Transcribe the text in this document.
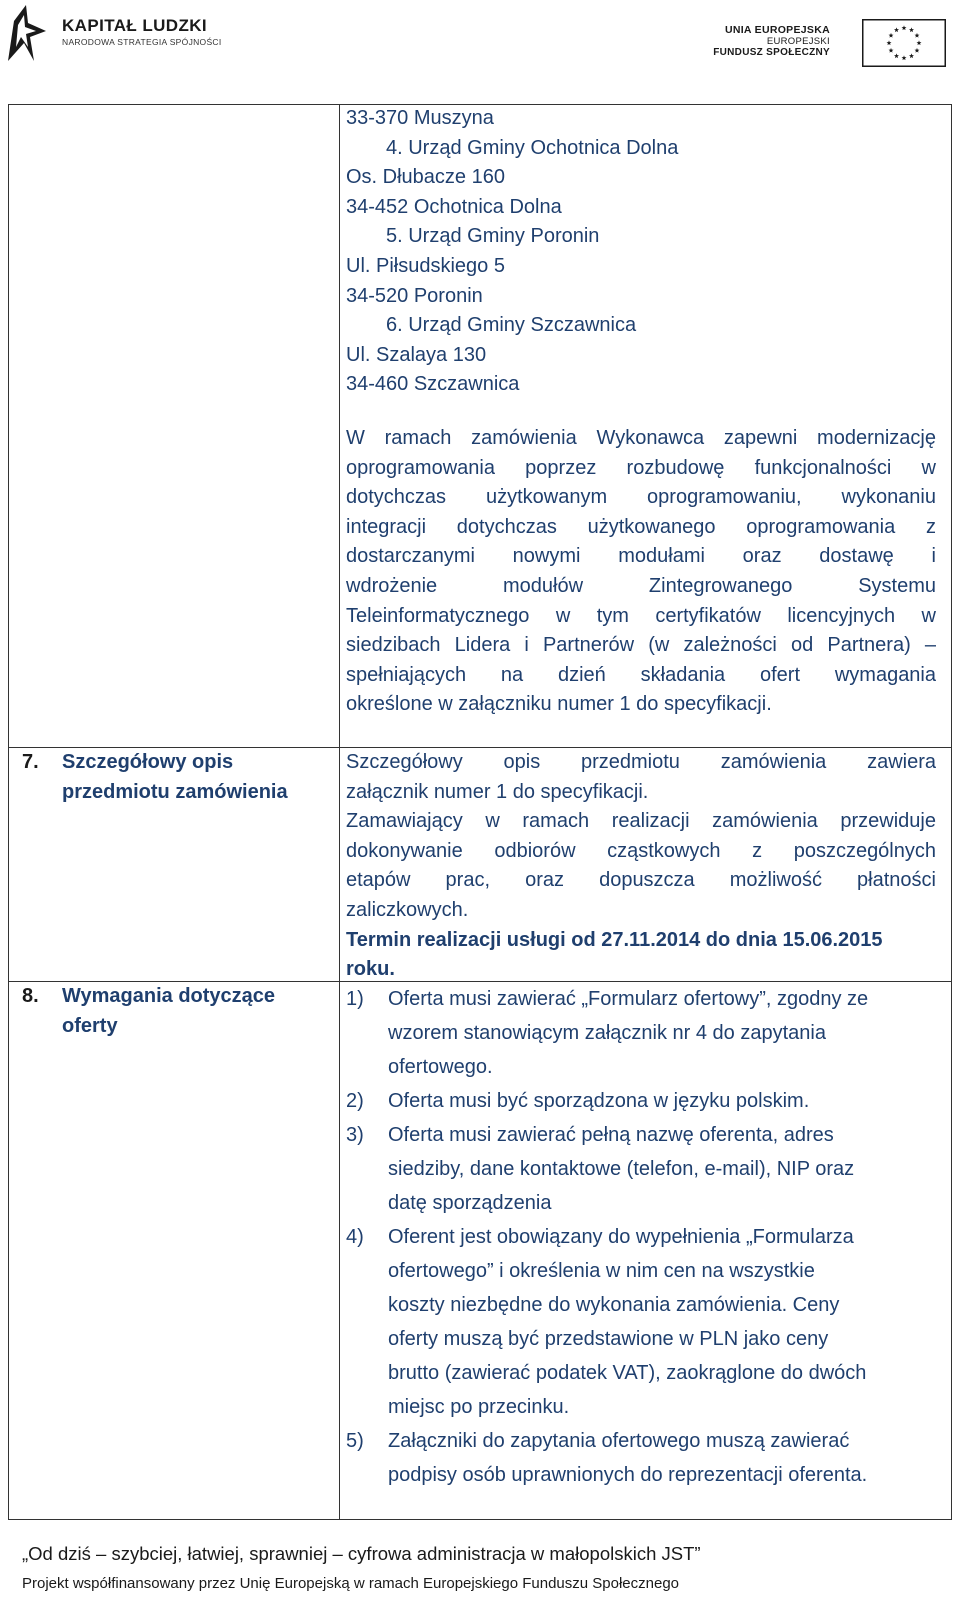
KAPITAŁ LUDZKI
NARODOWA STRATEGIA SPÓJNOŚCI
UNIA EUROPEJSKA
EUROPEJSKI
FUNDUSZ SPOŁECZNY
33-370 Muszyna
4. Urząd Gminy Ochotnica Dolna
Os. Dłubacze 160
34-452 Ochotnica Dolna
5. Urząd Gminy Poronin
Ul. Piłsudskiego 5
34-520 Poronin
6. Urząd Gminy Szczawnica
Ul. Szalaya 130
34-460 Szczawnica
W ramach zamówienia Wykonawca zapewni modernizację
oprogramowania poprzez rozbudowę funkcjonalności w
dotychczas użytkowanym oprogramowaniu, wykonaniu
integracji dotychczas użytkowanego oprogramowania z
dostarczanymi nowymi modułami oraz dostawę i
wdrożenie modułów Zintegrowanego Systemu
Teleinformatycznego w tym certyfikatów licencyjnych w
siedzibach Lidera i Partnerów (w zależności od Partnera) –
spełniających na dzień składania ofert wymagania
określone w załączniku numer 1 do specyfikacji.
7. Szczegółowy opis
przedmiotu zamówienia
Szczegółowy opis przedmiotu zamówienia zawiera
załącznik numer 1 do specyfikacji.
Zamawiający w ramach realizacji zamówienia przewiduje
dokonywanie odbiorów cząstkowych z poszczególnych
etapów prac, oraz dopuszcza możliwość płatności
zaliczkowych.
Termin realizacji usługi od 27.11.2014 do dnia 15.06.2015
roku.
8. Wymagania dotyczące
oferty
1) Oferta musi zawierać „Formularz ofertowy”, zgodny ze
wzorem stanowiącym załącznik nr 4 do zapytania
ofertowego.
2) Oferta musi być sporządzona w języku polskim.
3) Oferta musi zawierać pełną nazwę oferenta, adres
siedziby, dane kontaktowe (telefon, e-mail), NIP oraz
datę sporządzenia
4) Oferent jest obowiązany do wypełnienia „Formularza
ofertowego” i określenia w nim cen na wszystkie
koszty niezbędne do wykonania zamówienia. Ceny
oferty muszą być przedstawione w PLN jako ceny
brutto (zawierać podatek VAT), zaokrąglone do dwóch
miejsc po przecinku.
5) Załączniki do zapytania ofertowego muszą zawierać
podpisy osób uprawnionych do reprezentacji oferenta.
„Od dziś – szybciej, łatwiej, sprawniej – cyfrowa administracja w małopolskich JST”
Projekt współfinansowany przez Unię Europejską w ramach Europejskiego Funduszu Społecznego
